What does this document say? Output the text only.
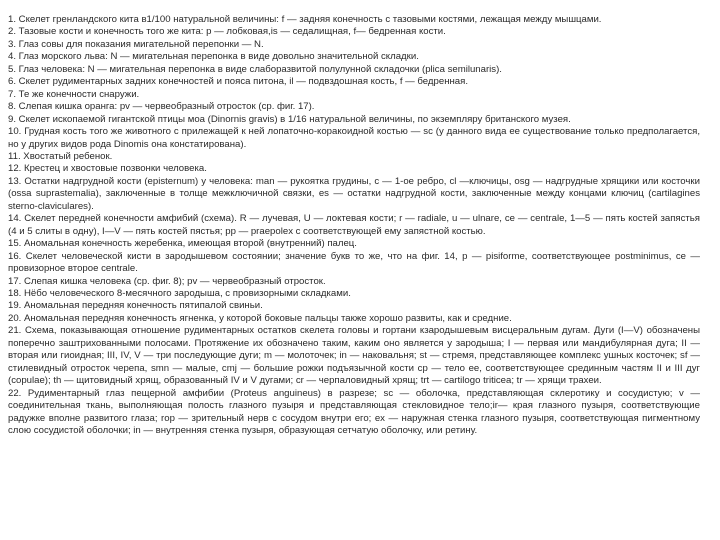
1. Скелет гренландского кита в1/100 натуральной величины: f — задняя конечность с тазовыми костями, лежащая между мышцами.

2. Тазовые кости и конечность того же кита: p — лобковая,is — седалищная, f— бедренная кости.

3. Глаз совы для показания мигательной перепонки — N.

4. Глаз морского льва: N — мигательная перепонка в виде довольно значительной складки.

5. Глаз человека: N — мигательная перепонка в виде слаборазвитой полулунной складочки (plica semilunaris).

6. Скелет рудиментарных задних конечностей и пояса питона, il — подвздошная кость, f — бедренная.

7. Те же конечности снаружи.

8. Слепая кишка оранга: pv — червеобразный отросток (ср. фиг. 17).

9. Скелет ископаемой гигантской птицы моа (Dinornis gravis) в 1/16 натуральной величины, по экземпляру британского музея.

10. Грудная кость того же животного с прилежащей к ней лопаточно-коракоидной костью — sc (у данного вида ее существование только предполагается, но у других видов рода Dinomis она констатирована).

11. Хвостатый ребенок.

12. Крестец и хвостовые позвонки человека.

13. Остатки надгрудной кости (episternum) у человека: man — рукоятка грудины, c — 1-ое ребро, cl —ключицы, osg — надгрудные хрящики или косточки (ossa suprastemalia), заключенные в толще межключичной связки, es — остатки надгрудной кости, заключенные между концами ключиц (cartilagines sterno-claviculares).

14. Скелет передней конечности амфибий (схема). R — лучевая, U — локтевая кости; r — radiale, u — ulnare, ce — centrale, 1—5 — пять костей запястья (4 и 5 слиты в одну), I—V — пять костей пястья; pp — praepolex с соответствующей ему запястной костью.

15. Аномальная конечность жеребенка, имеющая второй (внутренний) палец.

16. Скелет человеческой кисти в зародышевом состоянии; значение букв то же, что на фиг. 14, p — pisiforme, соответствующее postminimus, ce — провизорное второе centrale.

17. Слепая кишка человека (ср. фиг. 8); pv — червеобразный отросток.

18. Нёбо человеческого 8-месячного зародыша, с провизорными складками.

19. Аномальная передняя конечность пятипалой свиньи.

20. Аномальная передняя конечность ягненка, у которой боковые пальцы также хорошо развиты, как и средние.

21. Схема, показывающая отношение рудиментарных остатков скелета головы и гортани кзародышевым висцеральным дугам. Дуги (I—V) обозначены поперечно заштрихованными полосами. Протяжение их обозначено таким, каким оно является у зародыша; I — первая или мандибулярная дуга; II — вторая или гиоидная; III, IV, V — три последующие дуги; m — молоточек; in — наковальня; st — стремя, представляющее комплекс ушных косточек; sf —стилевидный отросток черепа, smn — малые, cmj — большие рожки подъязычной кости cp — тело ее, соответствующее срединным частям II и III дуг (copulae); th — щитовидный хрящ, образованный IV и V дугами; cr — черпаловидный хрящ; trt — cartilogo triticea; tr — хрящи трахеи.

22. Рудиментарный глаз пещерной амфибии (Proteus anguineus) в разрезе; sc — оболочка, представляющая склеротику и сосудистую; v — соединительная ткань, выполняющая полость глазного пузыря и представляющая стекловидное тело;ir— края глазного пузыря, соответствующие радужке вполне развитого глаза; rop — зрительный нерв с сосудом внутри его; ex — наружная стенка глазного пузыря, соответствующая пигментному слою сосудистой оболочки; in — внутренняя стенка пузыря, образующая сетчатую оболочку, или ретину.
